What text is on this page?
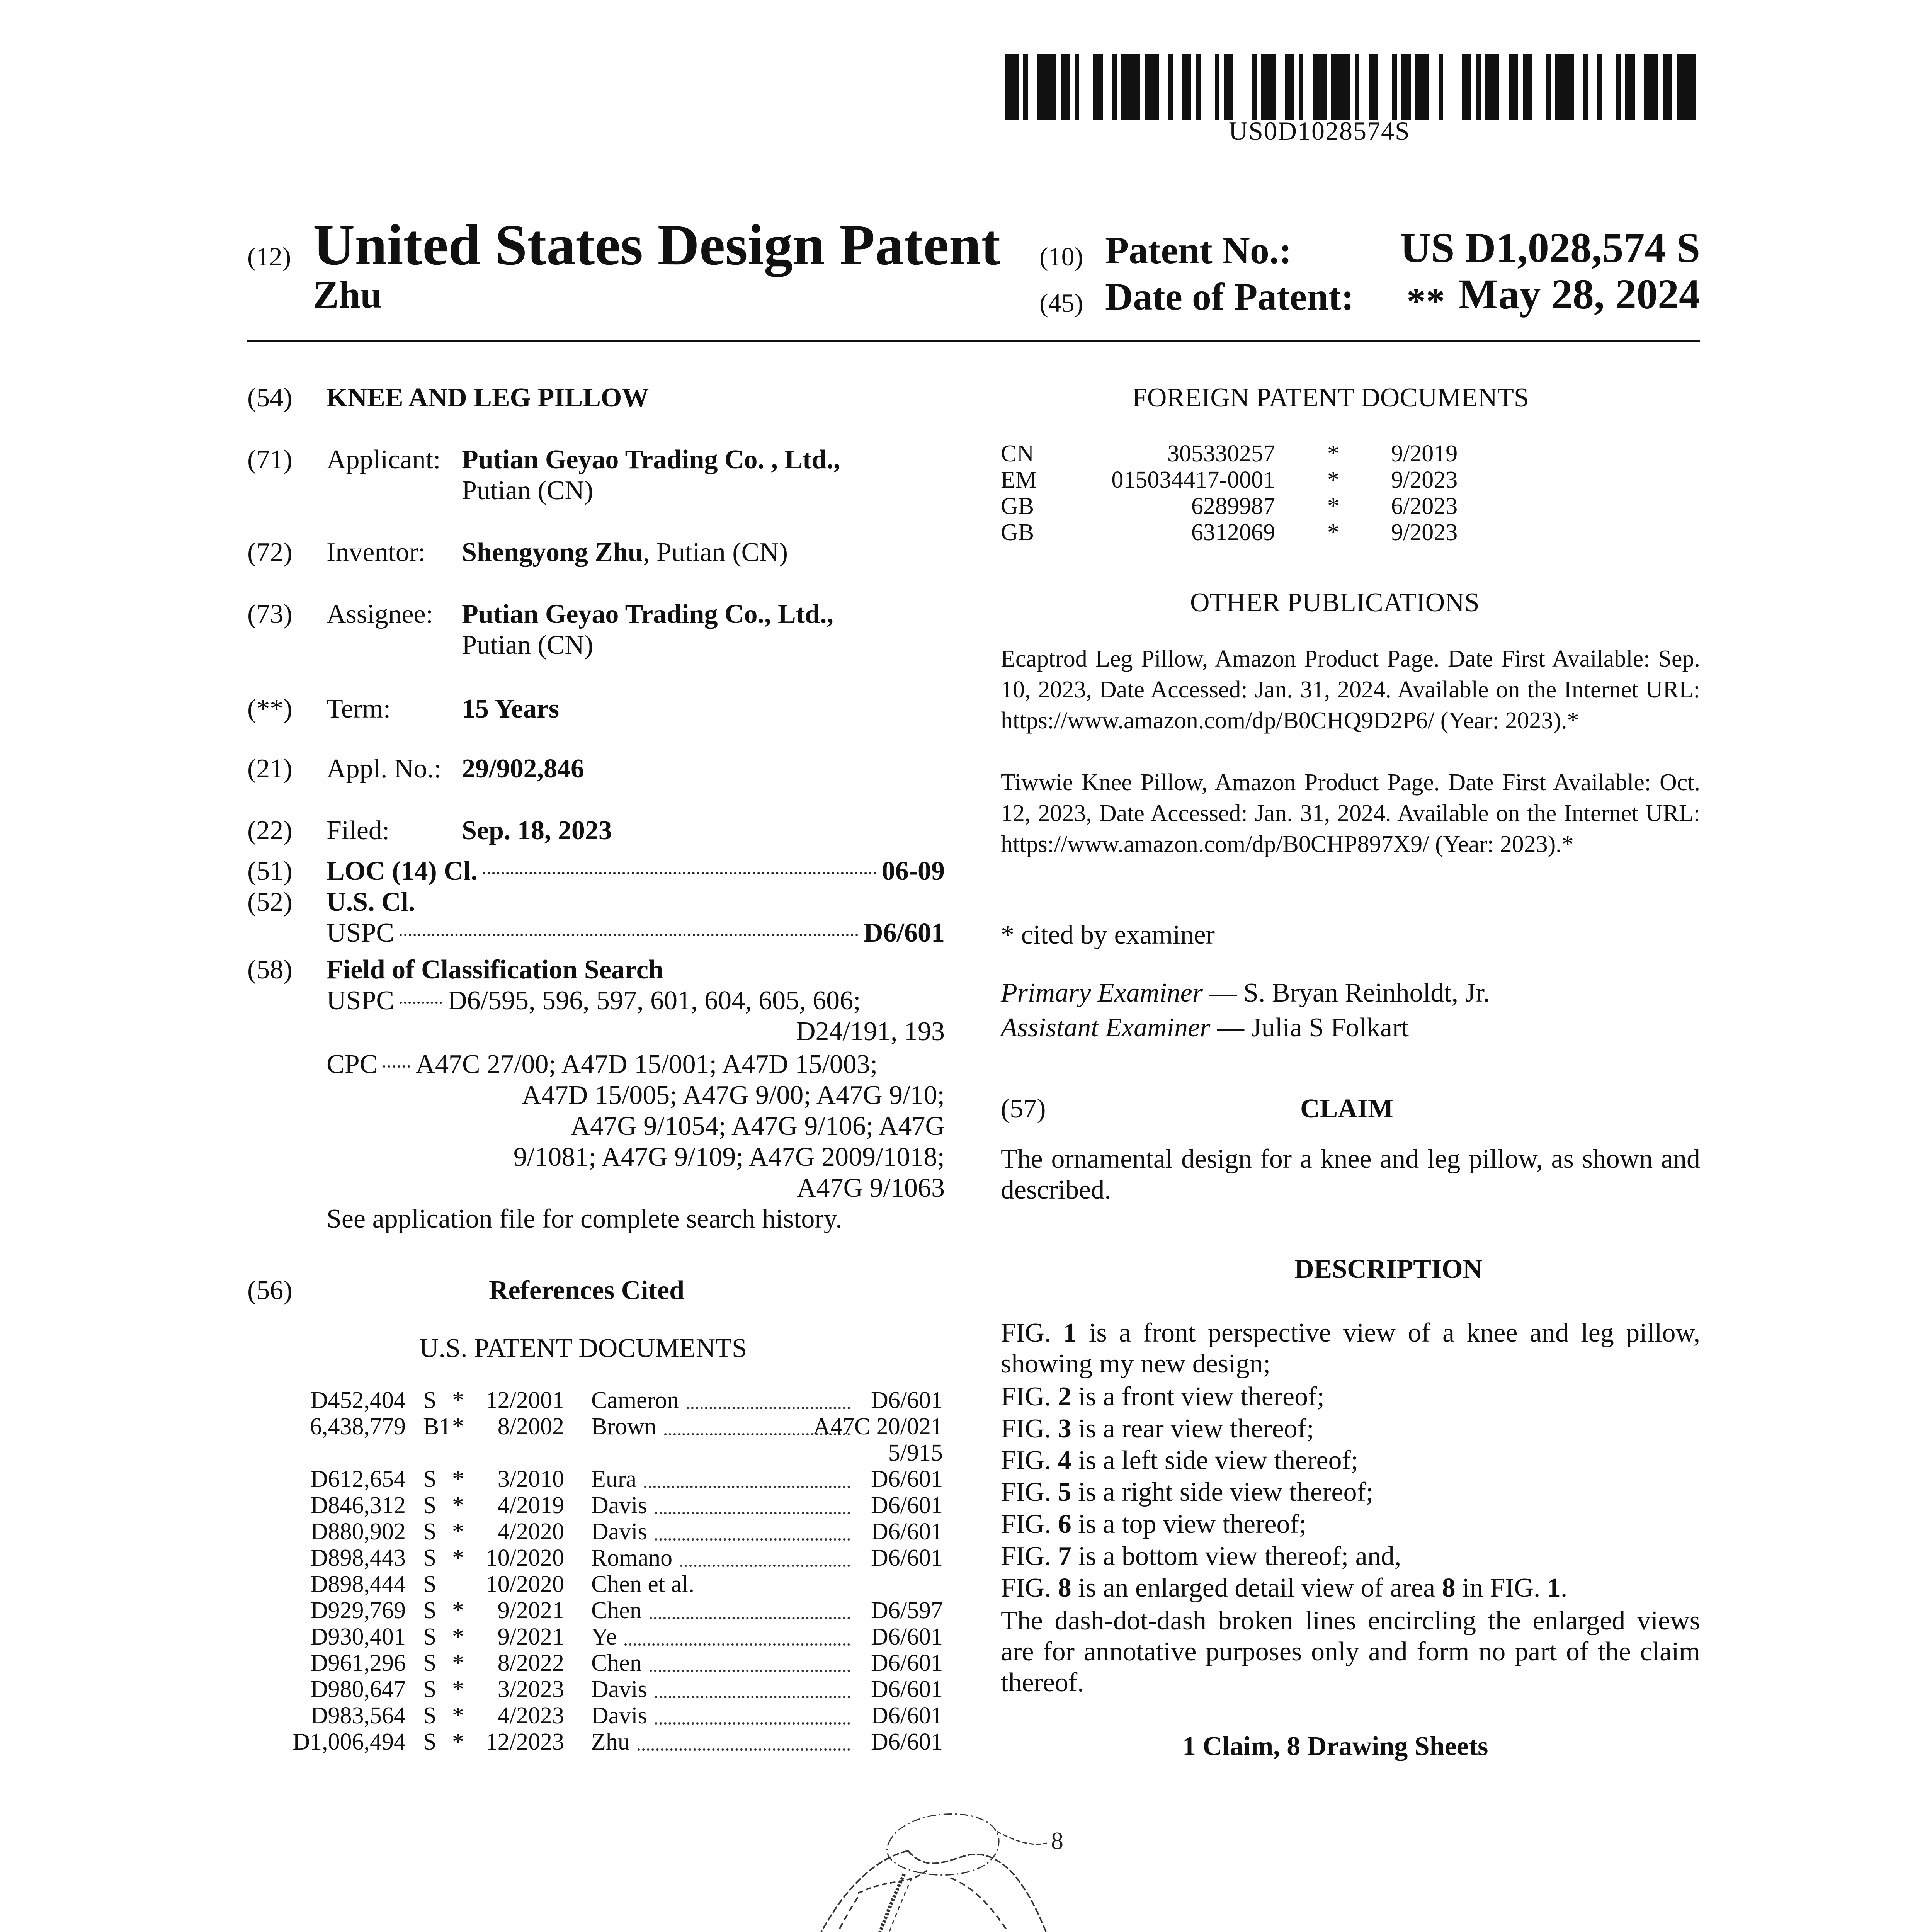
US0D1028574S
(12) United States Design Patent
Zhu
(10) Patent No.:	US D1,028,574 S
(45) Date of Patent: ** May 28, 2024
(54) KNEE AND LEG PILLOW
(71) Applicant: Putian Geyao Trading Co. , Ltd.,
Putian (CN)
(72) Inventor: Shengyong Zhu, Putian (CN)
(73) Assignee: Putian Geyao Trading Co., Ltd.,
Putian (CN)
(**) Term:	15 Years
(21) Appl. No.: 29/902,846
(22) Filed:	Sep. 18, 2023
(51) LOC (14) Cl.	06-09
(52) U.S. Cl.
USPC	D6/601
(58) Field of Classification Search
USPC D6/595, 596, 597, 601, 604, 605, 606;
D24/191, 193
CPC A47C 27/00; A47D 15/001; A47D 15/003;
A47D 15/005; A47G 9/00; A47G 9/10;
A47G 9/1054; A47G 9/106; A47G
9/1081; A47G 9/109; A47G 2009/1018;
A47G 9/1063
See application file for complete search history.
(56)	References Cited
U.S. PATENT DOCUMENTS
D452,404 S * 12/2001 Cameron	D6/601
6,438,779 B1 * 8/2002 Brown	A47C 20/021
5/915
D612,654 S * 3/2010 Eura	D6/601
D846,312 S * 4/2019 Davis	D6/601
D880,902 S * 4/2020 Davis	D6/601
D898,443 S * 10/2020 Romano	D6/601
D898,444 S 10/2020 Chen et al.
D929,769 S * 9/2021 Chen	D6/597
D930,401 S * 9/2021 Ye	D6/601
D961,296 S * 8/2022 Chen	D6/601
D980,647 S * 3/2023 Davis	D6/601
D983,564 S * 4/2023 Davis	D6/601
D1,006,494 S * 12/2023 Zhu	D6/601
FOREIGN PATENT DOCUMENTS
CN	305330257 * 9/2019
EM	015034417-0001 * 9/2023
GB	6289987 * 6/2023
GB	6312069 * 9/2023
OTHER PUBLICATIONS
Ecaptrod Leg Pillow, Amazon Product Page. Date First Available: Sep. 10, 2023, Date Accessed: Jan. 31, 2024. Available on the Internet URL: https://www.amazon.com/dp/B0CHQ9D2P6/ (Year: 2023).*
Tiwwie Knee Pillow, Amazon Product Page. Date First Available: Oct. 12, 2023, Date Accessed: Jan. 31, 2024. Available on the Internet URL: https://www.amazon.com/dp/B0CHP897X9/ (Year: 2023).*
* cited by examiner
Primary Examiner — S. Bryan Reinholdt, Jr.
Assistant Examiner — Julia S Folkart
(57)	CLAIM
The ornamental design for a knee and leg pillow, as shown and described.
DESCRIPTION
FIG. 1 is a front perspective view of a knee and leg pillow, showing my new design;
FIG. 2 is a front view thereof;
FIG. 3 is a rear view thereof;
FIG. 4 is a left side view thereof;
FIG. 5 is a right side view thereof;
FIG. 6 is a top view thereof;
FIG. 7 is a bottom view thereof; and,
FIG. 8 is an enlarged detail view of area 8 in FIG. 1.
The dash-dot-dash broken lines encircling the enlarged views are for annotative purposes only and form no part of the claim thereof.
1 Claim, 8 Drawing Sheets
8
